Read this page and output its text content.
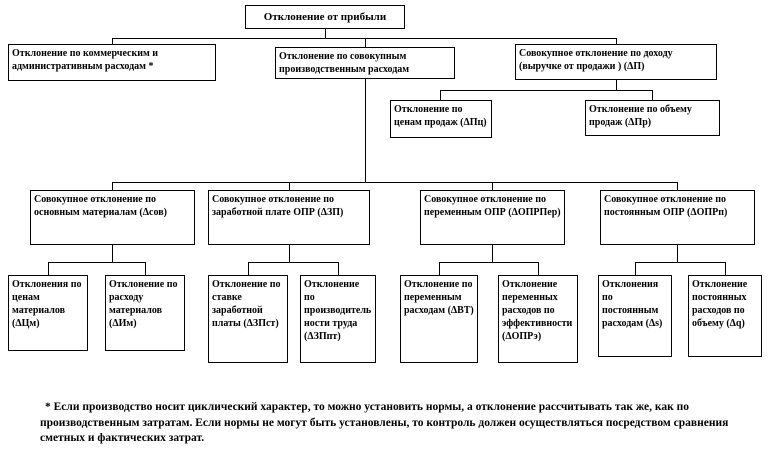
Отклонение от прибыли
Отклонение по коммерческим и административным расходам *
Отклонение по совокупным производственным расходам
Совокупное отклонение по доходу (выручке от продажи ) (ΔП)
Отклонение по ценам продаж (ΔПц)
Отклонение по объему продаж (ΔПр)
Совокупное отклонение по основным материалам (Δсов)
Совокупное отклонение по заработной плате ОПР (ΔЗП)
Совокупное отклонение по переменным ОПР (ΔОПРПер)
Совокупное отклонение по постоянным ОПР (ΔОПРп)
Отклонения по ценам материалов (ΔЦм)
Отклонение по расходу материалов (ΔИм)
Отклонение по ставке заработной платы (ΔЗПст)
Отклонение по производительности труда (ΔЗПпт)
Отклонение по переменным расходам (ΔВТ)
Отклонение переменных расходов по эффективности (ΔОПРэ)
Отклонения по постоянным расходам (Δs)
Отклонение постоянных расходов по объему (Δq)
* Если производство носит циклический характер, то можно установить нормы, а отклонение рассчитывать так же, как по производственным затратам. Если нормы не могут быть установлены, то контроль должен осуществляться посредством сравнения сметных и фактических затрат.
